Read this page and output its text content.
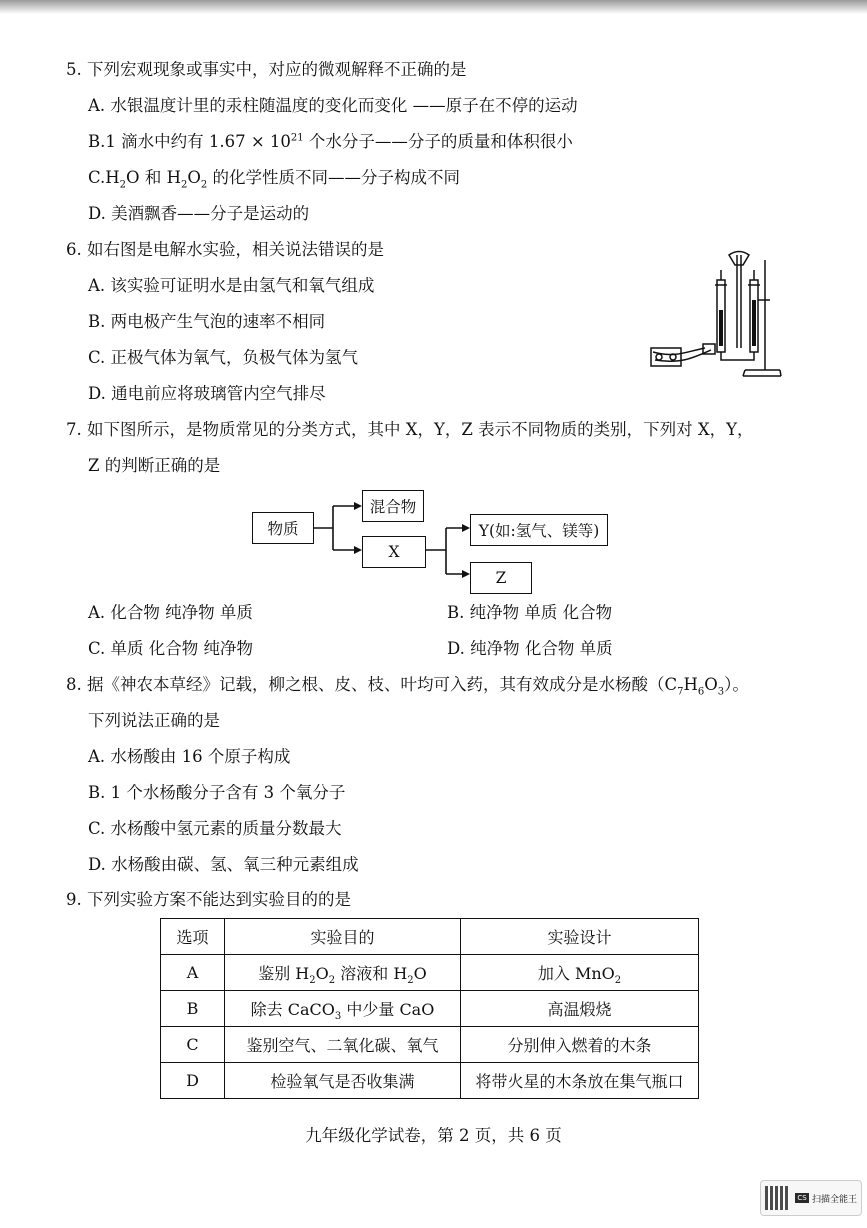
5. 下列宏观现象或事实中，对应的微观解释不正确的是
A. 水银温度计里的汞柱随温度的变化而变化 ——原子在不停的运动
B.1 滴水中约有 $1.67 \times 10^{21}$ 个水分子——分子的质量和体积很小
$C.H_2O$ 和 $H_2O_2$ 的化学性质不同——分子构成不同
D. 美酒飘香——分子是运动的
6. 如右图是电解水实验，相关说法错误的是
A. 该实验可证明水是由氢气和氧气组成
B. 两电极产生气泡的速率不相同
C. 正极气体为氧气，负极气体为氢气
D. 通电前应将玻璃管内空气排尽
7. 如下图所示，是物质常见的分类方式，其中 X，Y，Z 表示不同物质的类别，下列对 X，Y，
Z 的判断正确的是
物质
混合物
X
Y(如:氢气、镁等)
Z
A. 化合物 纯净物 单质	B. 纯净物 单质 化合物
C. 单质 化合物 纯净物	D. 纯净物 化合物 单质
8. 据《神农本草经》记载，柳之根、皮、枝、叶均可入药，其有效成分是水杨酸$(C_7H_6O_3)$。
下列说法正确的是
A. 水杨酸由 16 个原子构成
B. 1 个水杨酸分子含有 3 个氧分子
C. 水杨酸中氢元素的质量分数最大
D. 水杨酸由碳、氢、氧三种元素组成
9. 下列实验方案不能达到实验目的的是
选项	实验目的	实验设计
A	鉴别 $H_2O_2$ 溶液和 $H_2O$	加入 MnO$_2$
B	除去 CaCO$_3$ 中少量 CaO	高温煅烧
C	鉴别空气、二氧化碳、氧气	分别伸入燃着的木条
D	检验氧气是否收集满	将带火星的木条放在集气瓶口
九年级化学试卷，第 2 页，共 6 页
CS 扫描全能王
